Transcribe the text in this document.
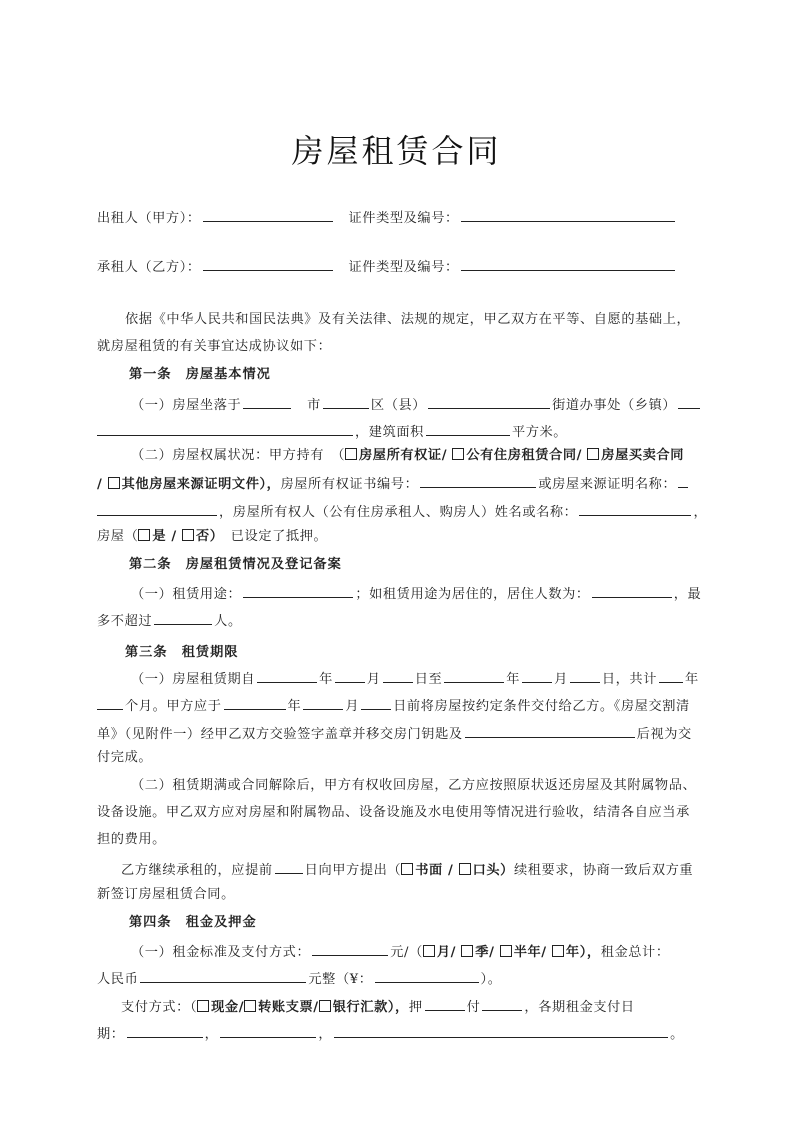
房屋租赁合同
出租人（甲方）：　	证件类型及编号：
承租人（乙方）：　	证件类型及编号：
依据《中华人民共和国民法典》及有关法律、法规的规定，甲乙双方在平等、自愿的基础上，
就房屋租赁的有关事宜达成协议如下：
第一条　房屋基本情况
（一）房屋坐落于　	市	区（县）	街道办事处（乡镇）
，建筑面积	平方米。
（二）房屋权属状况：甲方持有　（ 房屋所有权证/ 公有住房租赁合同/ 房屋买卖合同
/ 其他房屋来源证明文件），房屋所有权证书编号：	或房屋来源证明名称：
，房屋所有权人（公有住房承租人、购房人）姓名或名称：	，
房屋（ 是 / 否）　 已设定了抵押。
第二条　房屋租赁情况及登记备案
（一）租赁用途：	；如租赁用途为居住的，居住人数为：	，最
多不超过	人。
第三条　租赁期限
（一）房屋租赁期自	年	月	日至	年	月	日，共计 年
个月。甲方应于	年	月	日前将房屋按约定条件交付给乙方。《房屋交割清
单》（见附件一）经甲乙双方交验签字盖章并移交房门钥匙及	后视为交
付完成。
（二）租赁期满或合同解除后，甲方有权收回房屋，乙方应按照原状返还房屋及其附属物品、
设备设施。甲乙双方应对房屋和附属物品、设备设施及水电使用等情况进行验收，结清各自应当承
担的费用。
乙方继续承租的，应提前 日向甲方提出（ 书面 / 口头）续租要求，协商一致后双方重
新签订房屋租赁合同。
第四条　租金及押金
（一）租金标准及支付方式：	元/（ 月/ 季/ 半年/ 年），租金总计：
人民币	元整（¥：	）。
支付方式：（ 现金/ 转账支票/ 银行汇款），押	付	，各期租金支付日
期：	，	，	。
